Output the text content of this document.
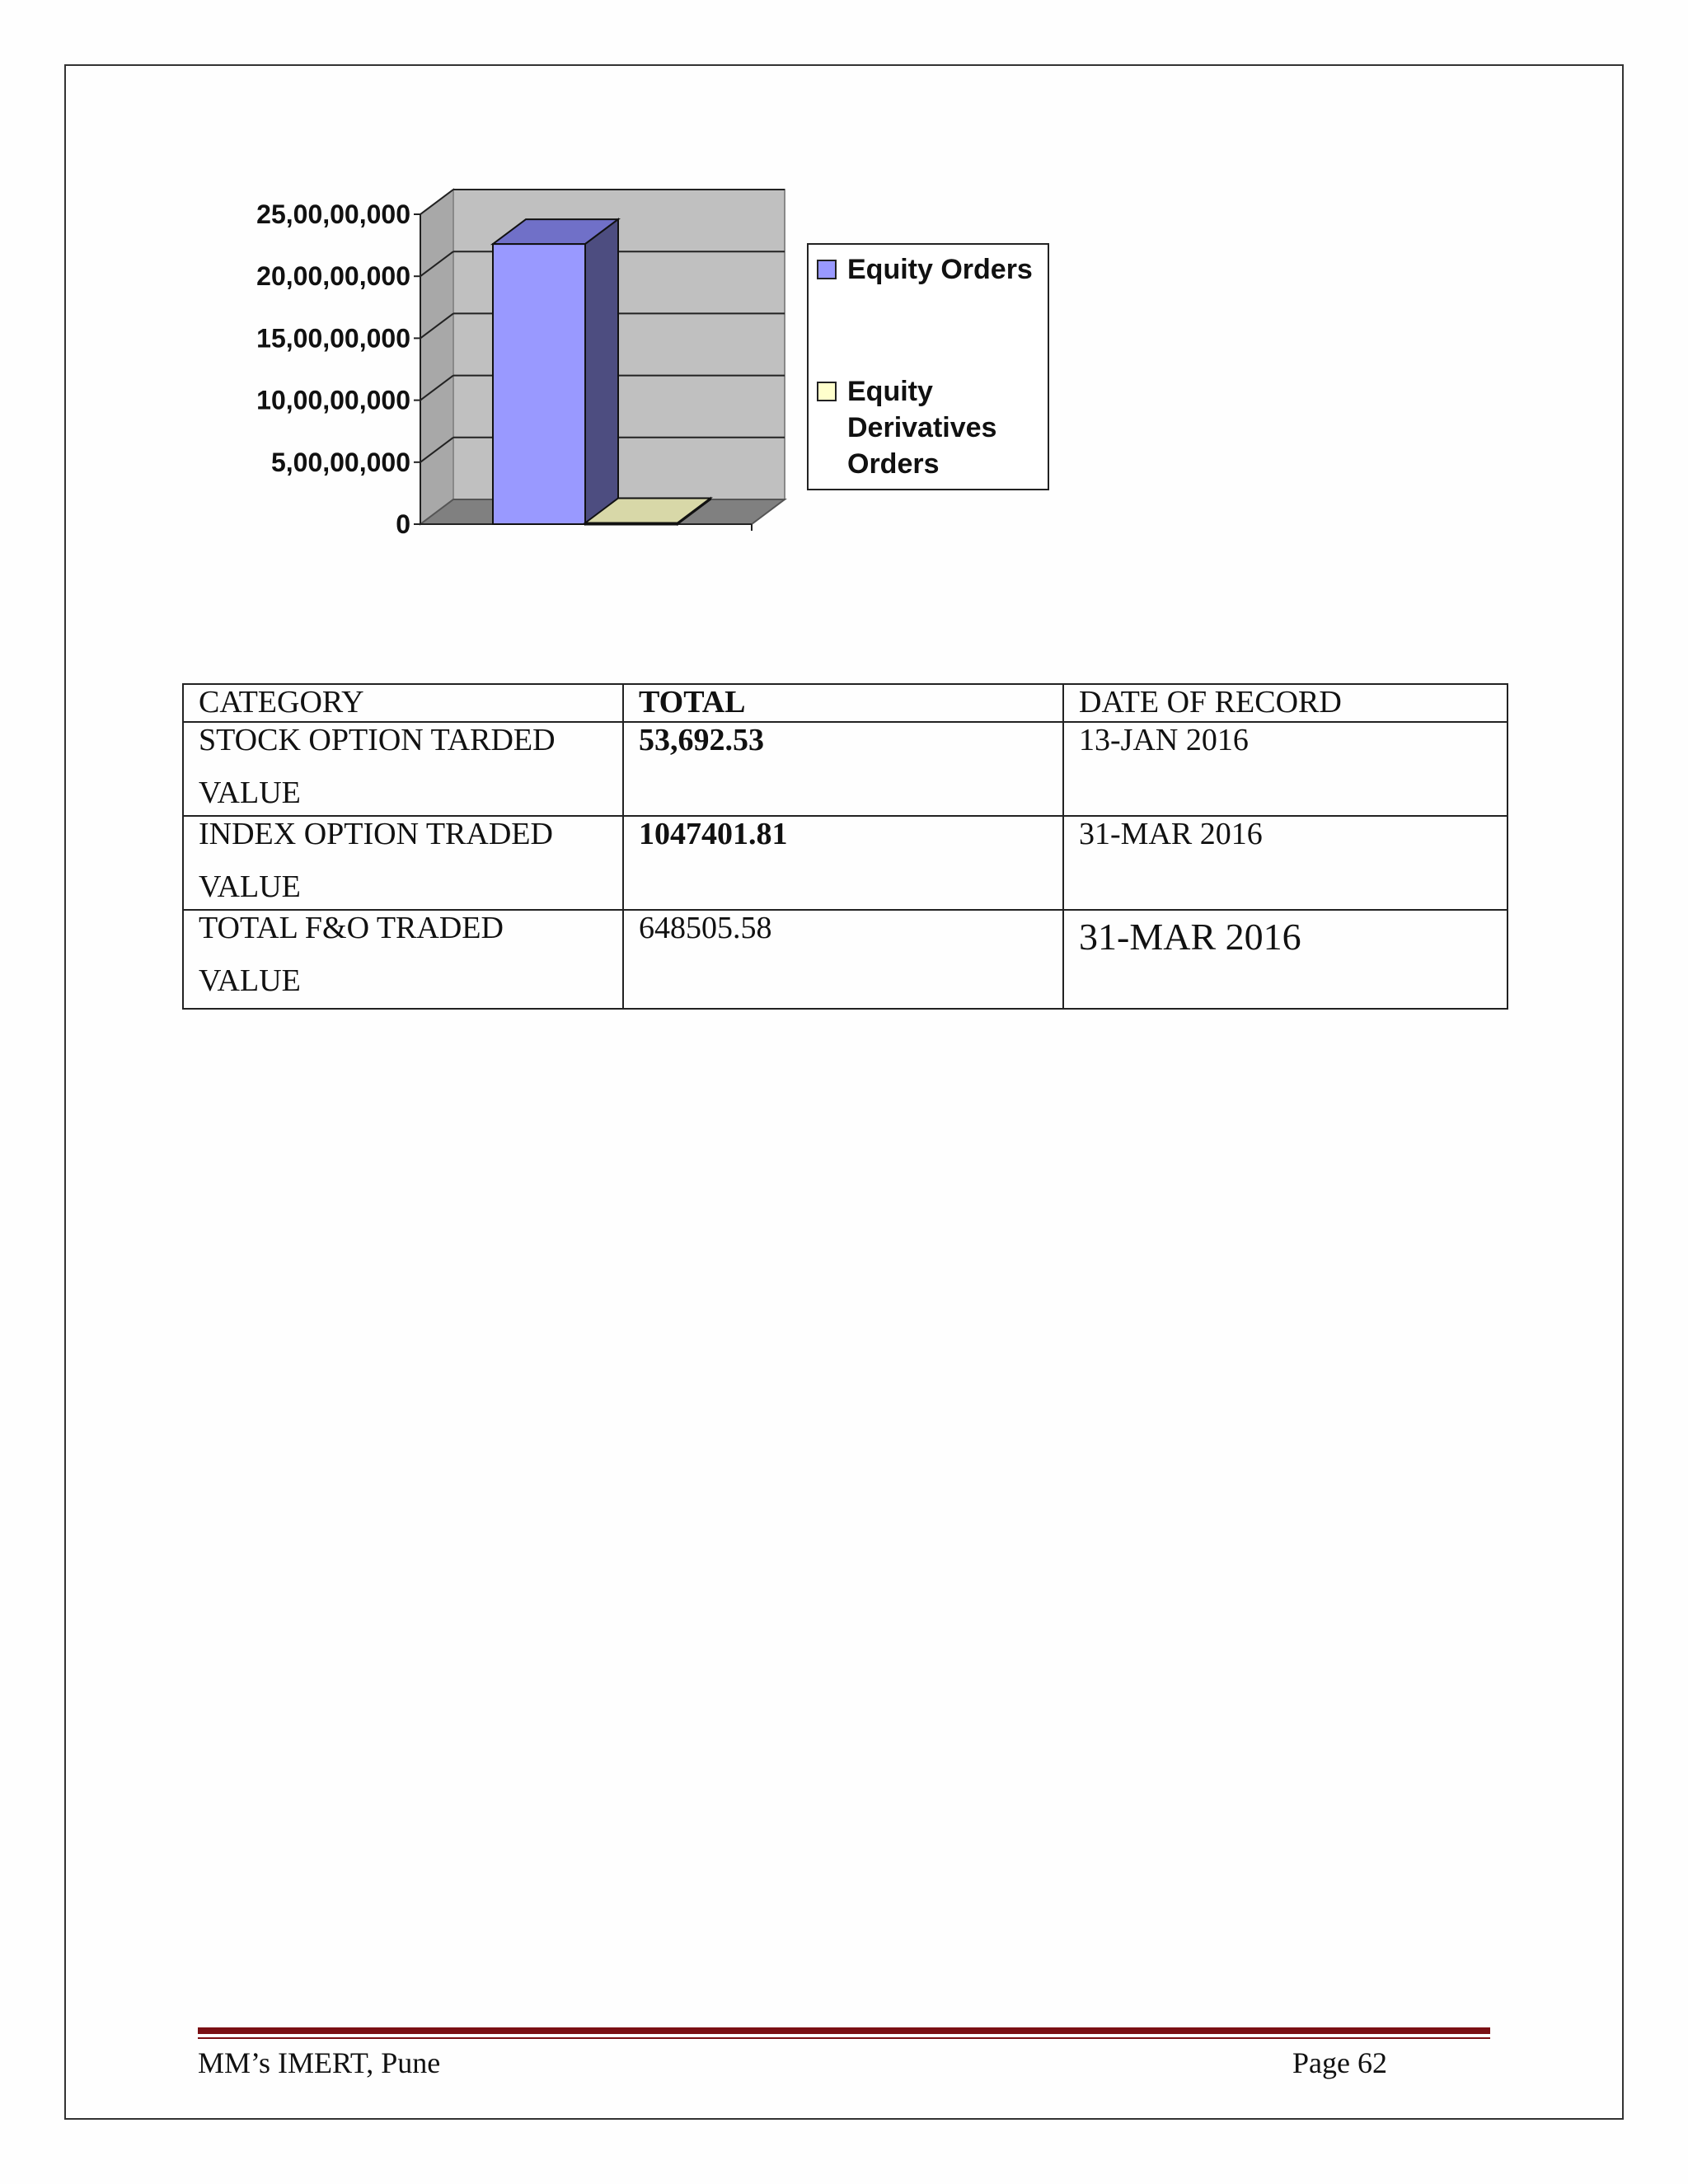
25,00,00,000
20,00,00,000
15,00,00,000
10,00,00,000
5,00,00,000
0
Equity Orders
Equity
Derivatives
Orders
CATEGORY	TOTAL	DATE OF RECORD
STOCK OPTION TARDED
VALUE	53,692.53	13-JAN 2016
INDEX OPTION TRADED
VALUE	1047401.81	31-MAR 2016
TOTAL F&O TRADED
VALUE	648505.58	31-MAR 2016
MM’s IMERT, Pune	Page 62
